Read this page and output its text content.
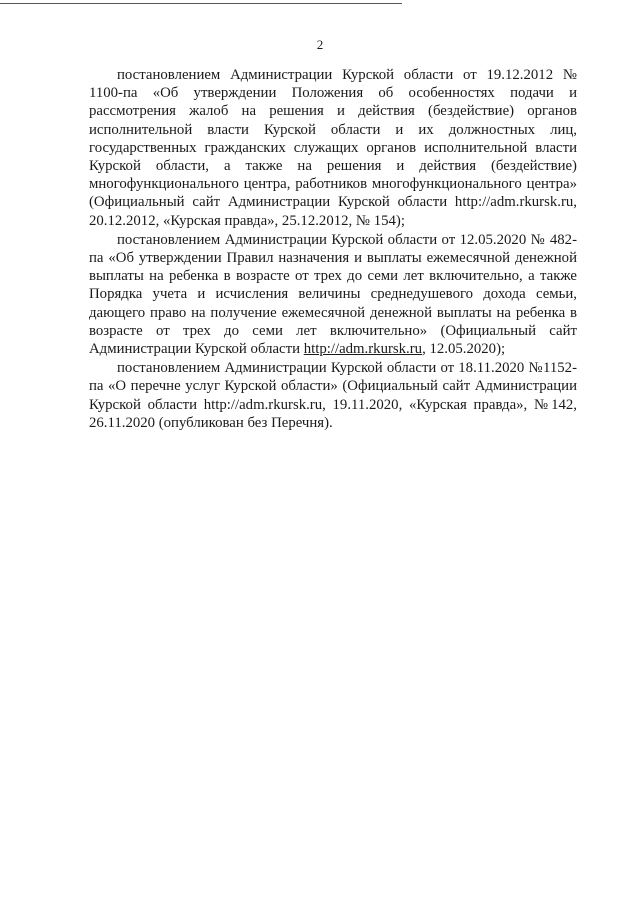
2

постановлением Администрации Курской области от 19.12.2012 № 1100-па «Об утверждении Положения об особенностях подачи и рассмотрения жалоб на решения и действия (бездействие) органов исполнительной власти Курской области и их должностных лиц, государственных гражданских служащих органов исполнительной власти Курской области, а также на решения и действия (бездействие) многофункционального центра, работников многофункционального центра» (Официальный сайт Администрации Курской области http://adm.rkursk.ru, 20.12.2012, «Курская правда», 25.12.2012, № 154);

постановлением Администрации Курской области от 12.05.2020 № 482-па «Об утверждении Правил назначения и выплаты ежемесячной денежной выплаты на ребенка в возрасте от трех до семи лет включительно, а также Порядка учета и исчисления величины среднедушевого дохода семьи, дающего право на получение ежемесячной денежной выплаты на ребенка в возрасте от трех до семи лет включительно» (Официальный сайт Администрации Курской области http://adm.rkursk.ru, 12.05.2020);

постановлением Администрации Курской области от 18.11.2020 №1152-па «О перечне услуг Курской области» (Официальный сайт Администрации Курской области http://adm.rkursk.ru, 19.11.2020, «Курская правда», №142, 26.11.2020 (опубликован без Перечня).
